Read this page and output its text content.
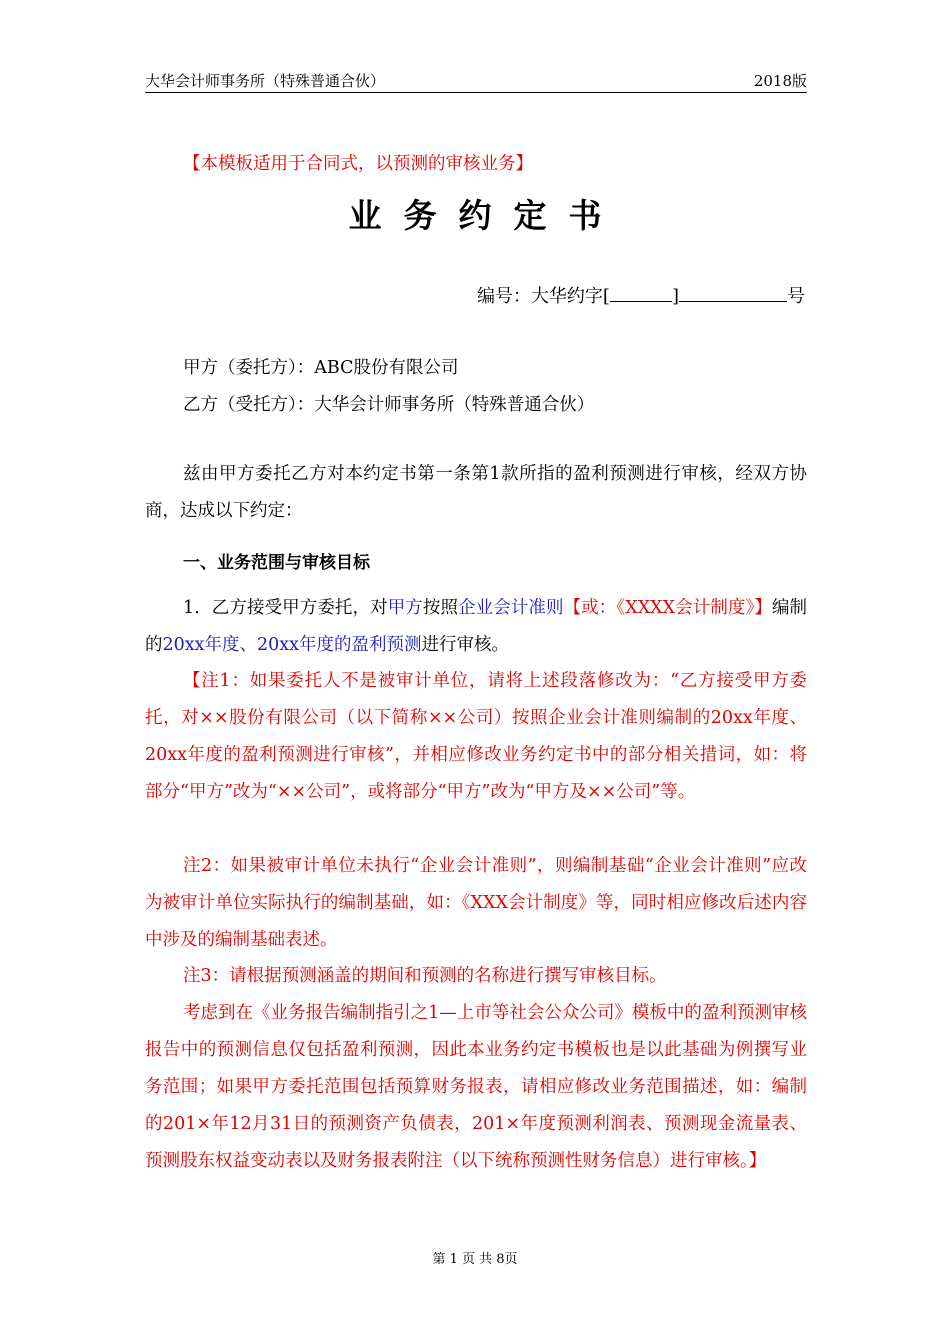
大华会计师事务所（特殊普通合伙）	2018版
【本模板适用于合同式，以预测的审核业务】
业务约定书
编号：大华约字[	]	号
甲方（委托方）：ABC股份有限公司
乙方（受托方）：大华会计师事务所（特殊普通合伙）
兹由甲方委托乙方对本约定书第一条第1款所指的盈利预测进行审核，经双方协商，达成以下约定：
一、业务范围与审核目标
1．乙方接受甲方委托，对甲方按照企业会计准则【或：《XXXX会计制度》】编制的20xx年度、20xx年度的盈利预测进行审核。
【注1：如果委托人不是被审计单位，请将上述段落修改为：“乙方接受甲方委托，对××股份有限公司（以下简称××公司）按照企业会计准则编制的20xx年度、20xx年度的盈利预测进行审核”，并相应修改业务约定书中的部分相关措词，如：将部分“甲方”改为“××公司”，或将部分“甲方”改为“甲方及××公司”等。
注2：如果被审计单位未执行“企业会计准则”，则编制基础“企业会计准则”应改为被审计单位实际执行的编制基础，如：《XXX会计制度》等，同时相应修改后述内容中涉及的编制基础表述。
注3：请根据预测涵盖的期间和预测的名称进行撰写审核目标。
考虑到在《业务报告编制指引之1—上市等社会公众公司》模板中的盈利预测审核报告中的预测信息仅包括盈利预测，因此本业务约定书模板也是以此基础为例撰写业务范围；如果甲方委托范围包括预算财务报表，请相应修改业务范围描述，如：编制的201×年12月31日的预测资产负债表，201×年度预测利润表、预测现金流量表、预测股东权益变动表以及财务报表附注（以下统称预测性财务信息）进行审核。】
第 1 页 共 8页
